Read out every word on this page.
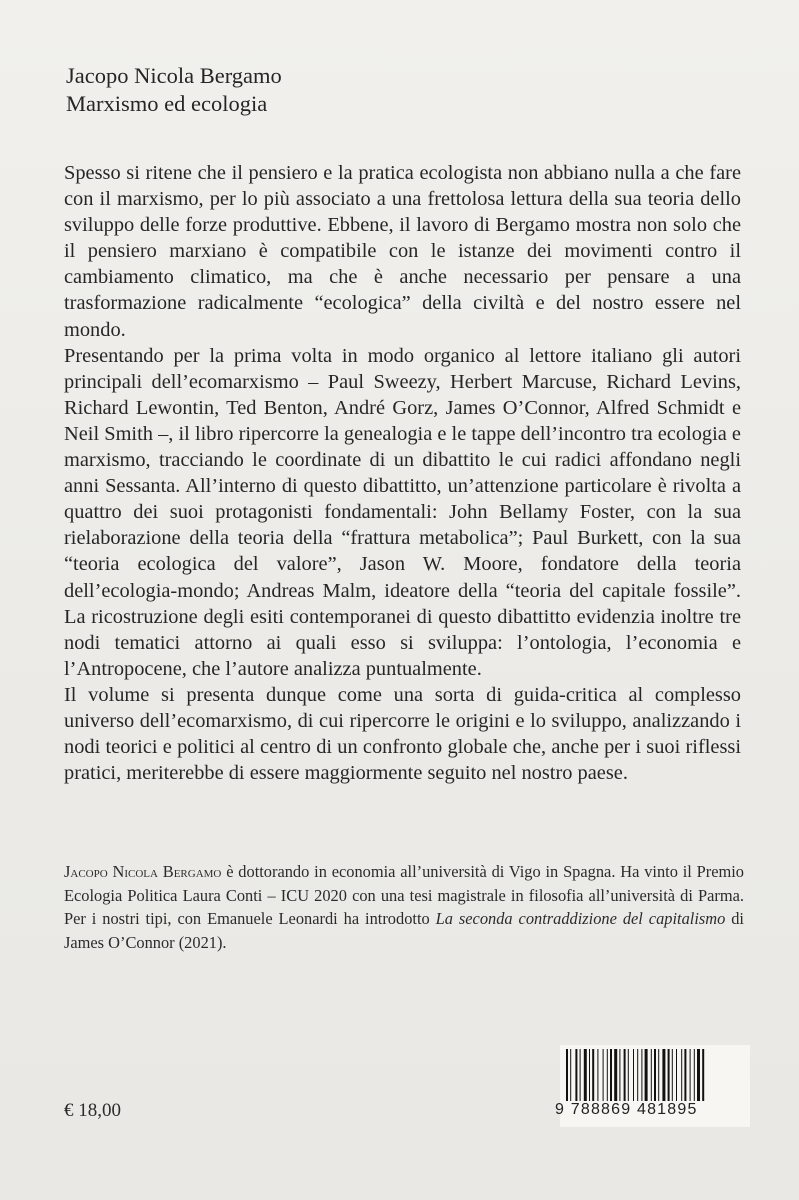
Jacopo Nicola Bergamo
Marxismo ed ecologia

Spesso si ritene che il pensiero e la pratica ecologista non abbiano nulla a che fare con il marxismo, per lo più associato a una frettolosa lettura della sua teoria dello sviluppo delle forze produttive. Ebbene, il lavoro di Bergamo mostra non solo che il pensiero marxiano è compatibile con le istanze dei movimenti contro il cambiamento climatico, ma che è anche necessario per pensare a una trasformazione radicalmente “ecologica” della civiltà e del nostro essere nel mondo.

Presentando per la prima volta in modo organico al lettore italiano gli autori principali dell’ecomarxismo – Paul Sweezy, Herbert Marcuse, Richard Levins, Richard Lewontin, Ted Benton, André Gorz, James O’Connor, Alfred Schmidt e Neil Smith –, il libro ripercorre la genealogia e le tappe dell’incontro tra ecologia e marxismo, tracciando le coordinate di un dibattito le cui radici affondano negli anni Sessanta. All’interno di questo dibattitto, un’attenzione particolare è rivolta a quattro dei suoi protagonisti fondamentali: John Bellamy Foster, con la sua rielaborazione della teoria della “frattura metabolica”; Paul Burkett, con la sua “teoria ecologica del valore”, Jason W. Moore, fondatore della teoria dell’ecologia-mondo; Andreas Malm, ideatore della “teoria del capitale fossile”. La ricostruzione degli esiti contemporanei di questo dibattitto evidenzia inoltre tre nodi tematici attorno ai quali esso si sviluppa: l’ontologia, l’economia e l’Antropocene, che l’autore analizza puntualmente.

Il volume si presenta dunque come una sorta di guida-critica al complesso universo dell’ecomarxismo, di cui ripercorre le origini e lo sviluppo, analizzando i nodi teorici e politici al centro di un confronto globale che, anche per i suoi riflessi pratici, meriterebbe di essere maggiormente seguito nel nostro paese.

Jacopo Nicola Bergamo è dottorando in economia all’università di Vigo in Spagna. Ha vinto il Premio Ecologia Politica Laura Conti – ICU 2020 con una tesi magistrale in filosofia all’università di Parma. Per i nostri tipi, con Emanuele Leonardi ha introdotto La seconda contraddizione del capitalismo di James O’Connor (2021).
€ 18,00	9 788869 481895
